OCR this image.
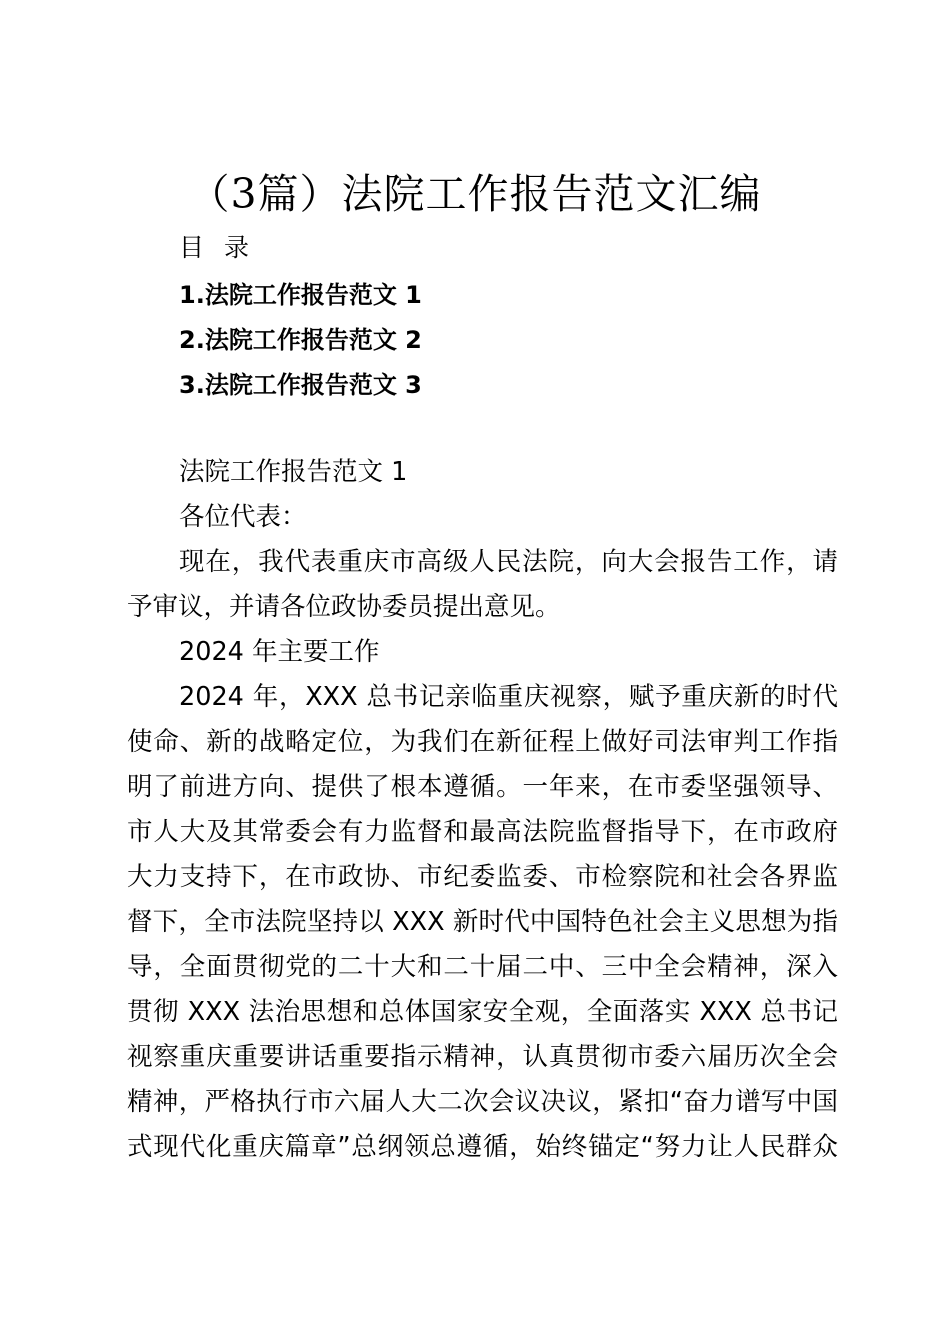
（3篇）法院工作报告范文汇编
目 录
1.法院工作报告范文 1
2.法院工作报告范文 2
3.法院工作报告范文 3
法院工作报告范文 1
各位代表：
现在，我代表重庆市高级人民法院，向大会报告工作，请
予审议，并请各位政协委员提出意见。
2024 年主要工作
2024 年，XXX 总书记亲临重庆视察，赋予重庆新的时代
使命、新的战略定位，为我们在新征程上做好司法审判工作指
明了前进方向、提供了根本遵循。一年来，在市委坚强领导、
市人大及其常委会有力监督和最高法院监督指导下，在市政府
大力支持下，在市政协、市纪委监委、市检察院和社会各界监
督下，全市法院坚持以 XXX 新时代中国特色社会主义思想为指
导，全面贯彻党的二十大和二十届二中、三中全会精神，深入
贯彻 XXX 法治思想和总体国家安全观，全面落实 XXX 总书记
视察重庆重要讲话重要指示精神，认真贯彻市委六届历次全会
精神，严格执行市六届人大二次会议决议，紧扣“奋力谱写中国
式现代化重庆篇章”总纲领总遵循，始终锚定“努力让人民群众
